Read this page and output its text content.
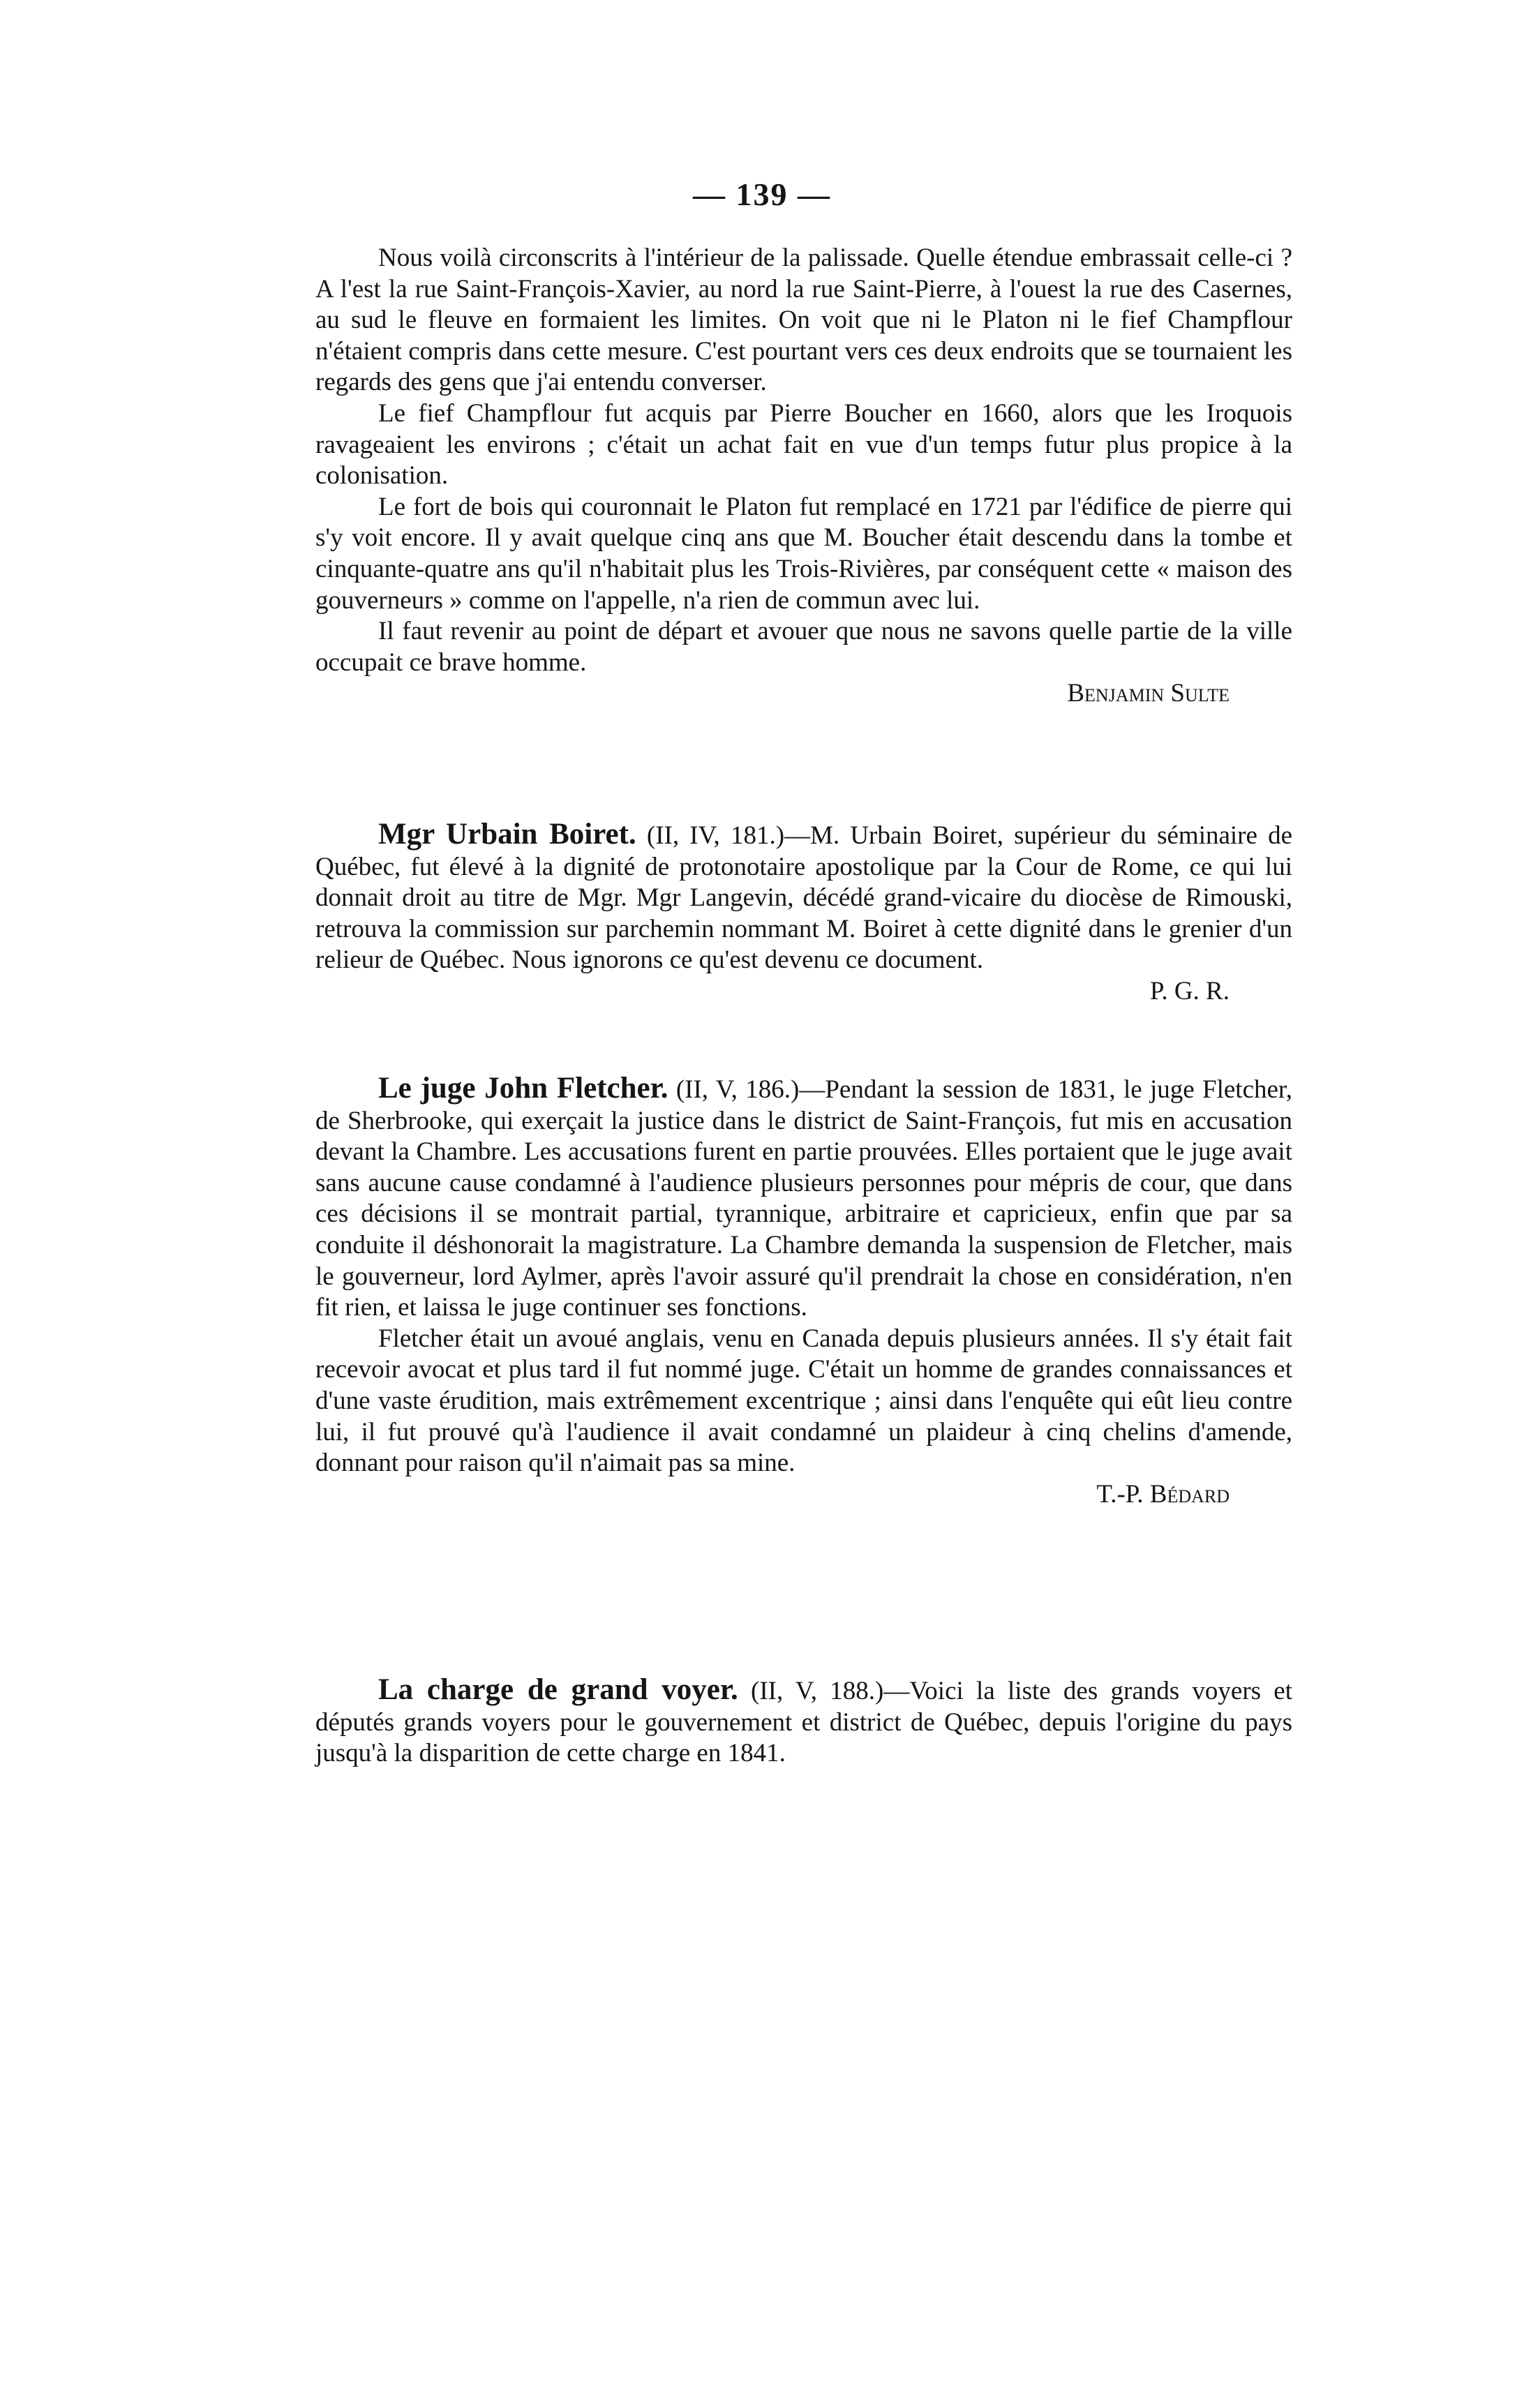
— 139 —

Nous voilà circonscrits à l'intérieur de la palissade. Quelle étendue embrassait celle-ci ? A l'est la rue Saint-François-Xavier, au nord la rue Saint-Pierre, à l'ouest la rue des Casernes, au sud le fleuve en formaient les limites. On voit que ni le Platon ni le fief Champflour n'étaient compris dans cette mesure. C'est pourtant vers ces deux endroits que se tournaient les regards des gens que j'ai entendu converser.

Le fief Champflour fut acquis par Pierre Boucher en 1660, alors que les Iroquois ravageaient les environs ; c'était un achat fait en vue d'un temps futur plus propice à la colonisation.

Le fort de bois qui couronnait le Platon fut remplacé en 1721 par l'édifice de pierre qui s'y voit encore. Il y avait quelque cinq ans que M. Boucher était descendu dans la tombe et cinquante-quatre ans qu'il n'habitait plus les Trois-Rivières, par conséquent cette « maison des gouverneurs » comme on l'appelle, n'a rien de commun avec lui.

Il faut revenir au point de départ et avouer que nous ne savons quelle partie de la ville occupait ce brave homme.

Benjamin Sulte

Mgr Urbain Boiret. (II, IV, 181.)—M. Urbain Boiret, supérieur du séminaire de Québec, fut élevé à la dignité de protonotaire apostolique par la Cour de Rome, ce qui lui donnait droit au titre de Mgr. Mgr Langevin, décédé grand-vicaire du diocèse de Rimouski, retrouva la commission sur parchemin nommant M. Boiret à cette dignité dans le grenier d'un relieur de Québec. Nous ignorons ce qu'est devenu ce document.

P. G. R.

Le juge John Fletcher. (II, V, 186.)—Pendant la session de 1831, le juge Fletcher, de Sherbrooke, qui exerçait la justice dans le district de Saint-François, fut mis en accusation devant la Chambre. Les accusations furent en partie prouvées. Elles portaient que le juge avait sans aucune cause condamné à l'audience plusieurs personnes pour mépris de cour, que dans ces décisions il se montrait partial, tyrannique, arbitraire et capricieux, enfin que par sa conduite il déshonorait la magistrature. La Chambre demanda la suspension de Fletcher, mais le gouverneur, lord Aylmer, après l'avoir assuré qu'il prendrait la chose en considération, n'en fit rien, et laissa le juge continuer ses fonctions.

Fletcher était un avoué anglais, venu en Canada depuis plusieurs années. Il s'y était fait recevoir avocat et plus tard il fut nommé juge. C'était un homme de grandes connaissances et d'une vaste érudition, mais extrêmement excentrique ; ainsi dans l'enquête qui eût lieu contre lui, il fut prouvé qu'à l'audience il avait condamné un plaideur à cinq chelins d'amende, donnant pour raison qu'il n'aimait pas sa mine.

T.-P. Bédard

La charge de grand voyer. (II, V, 188.)—Voici la liste des grands voyers et députés grands voyers pour le gouvernement et district de Québec, depuis l'origine du pays jusqu'à la disparition de cette charge en 1841.
